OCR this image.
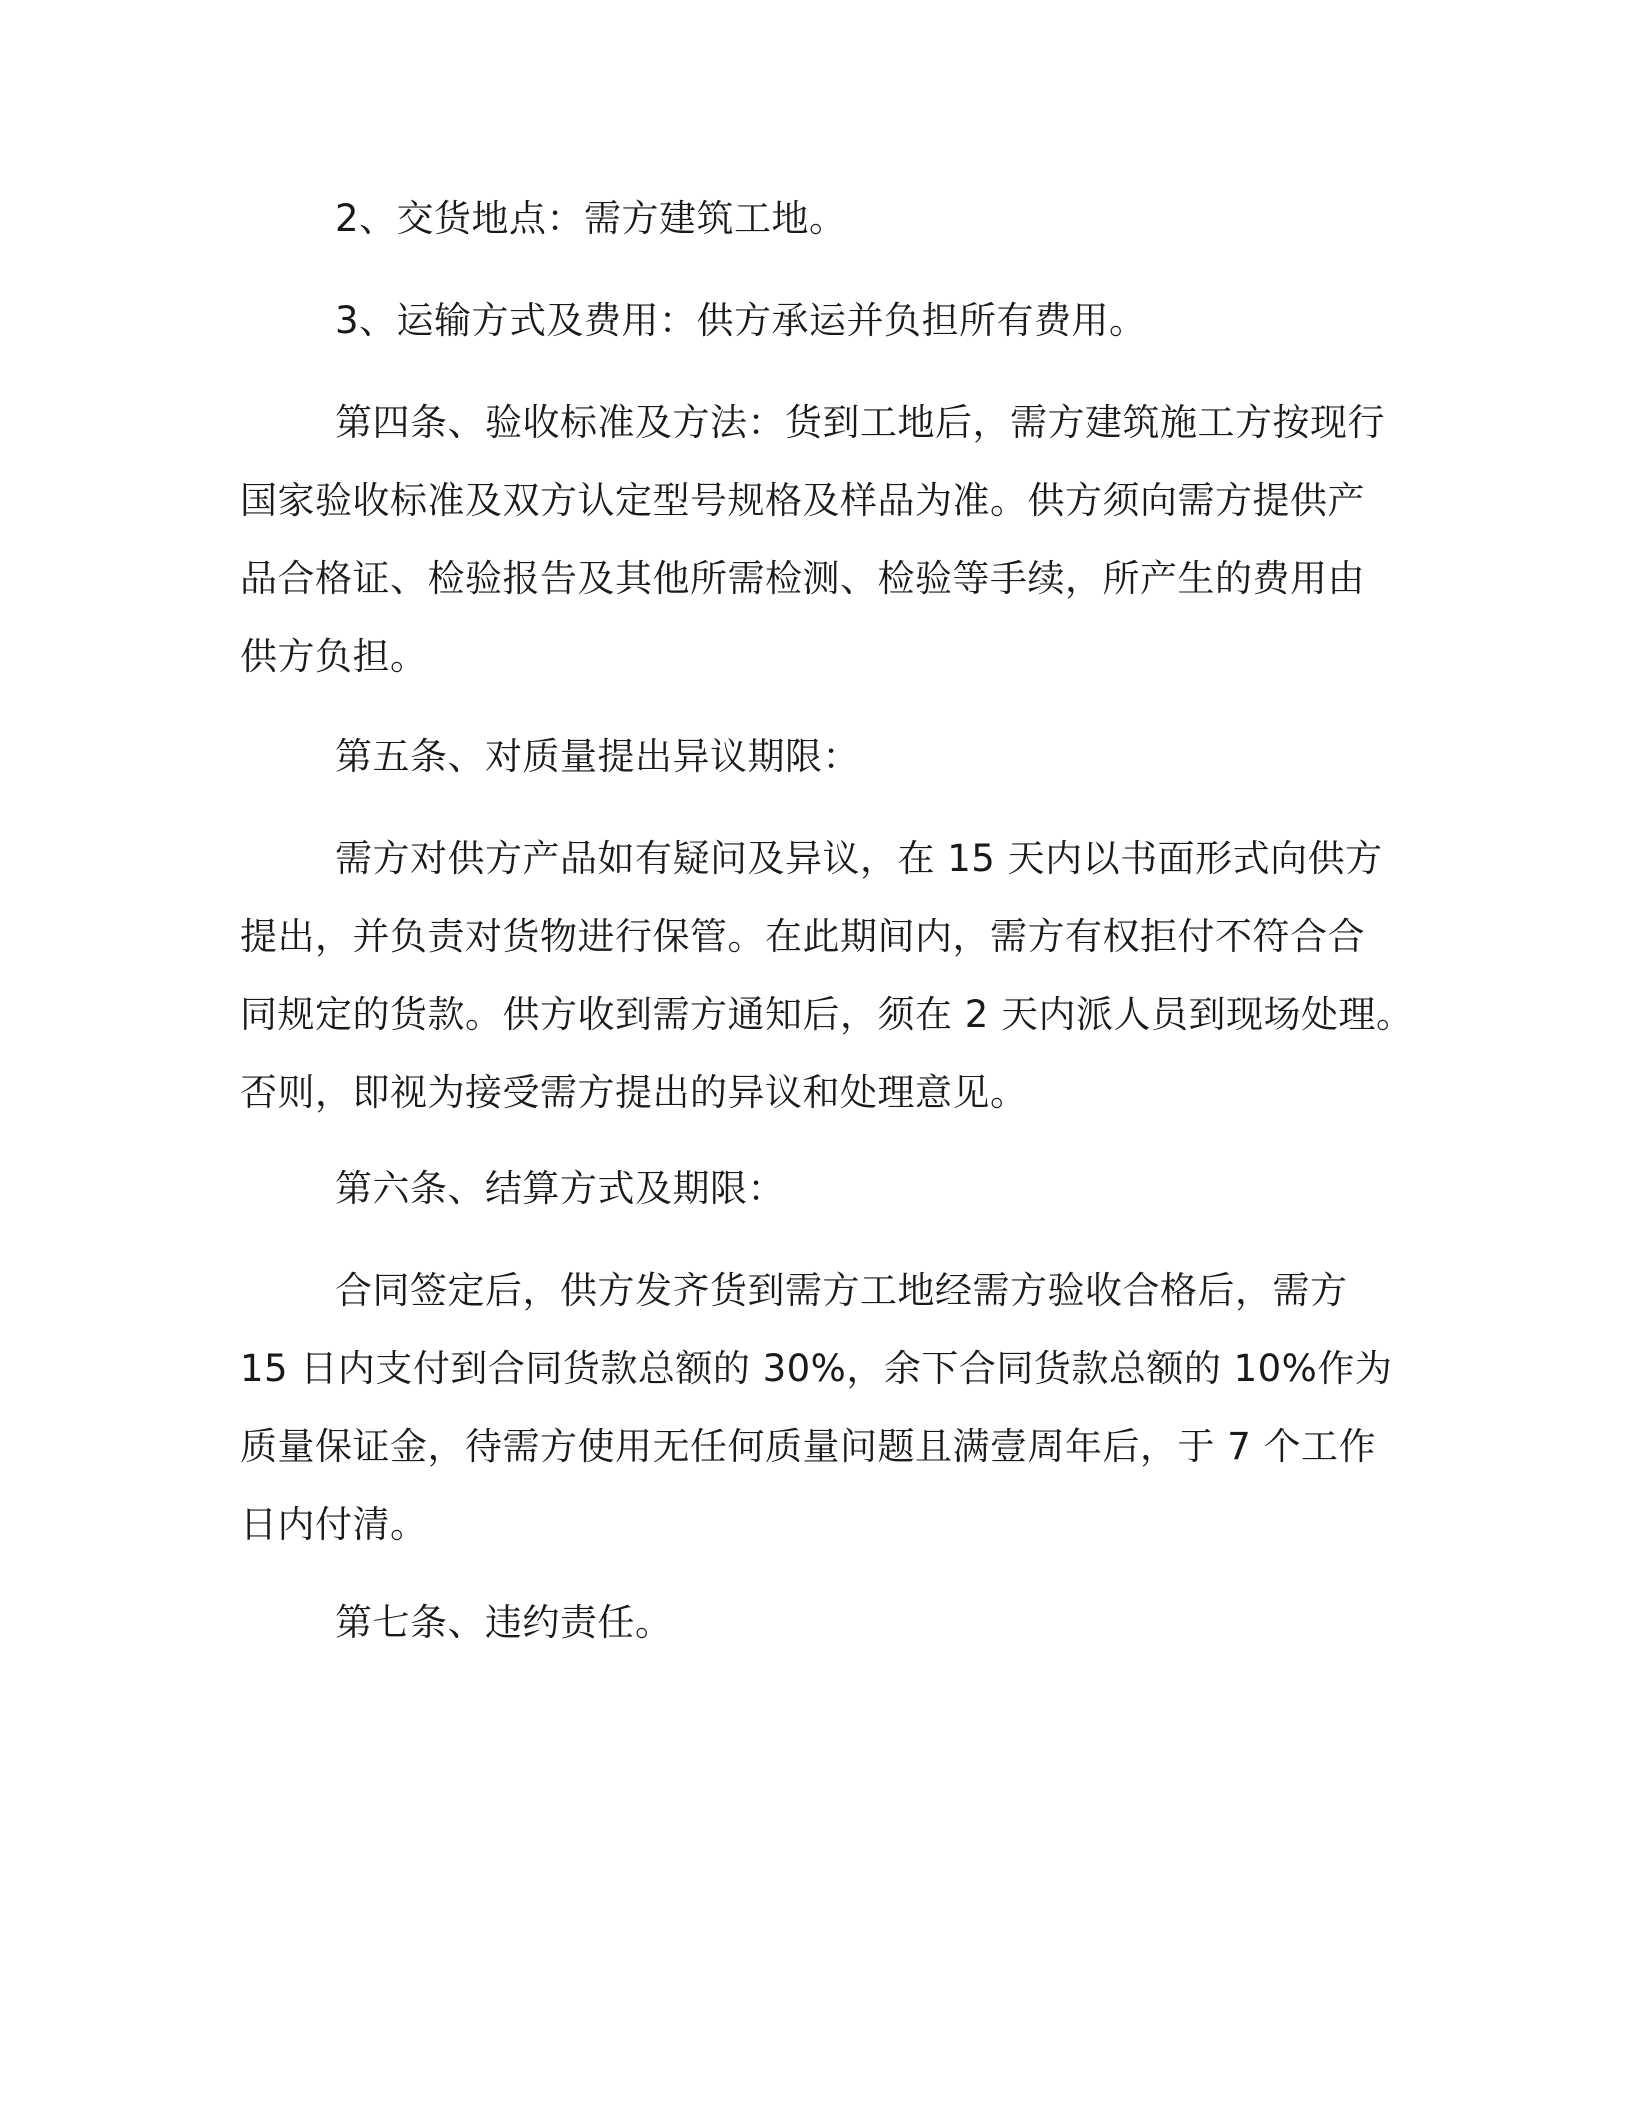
2、交货地点：需方建筑工地。
3、运输方式及费用：供方承运并负担所有费用。
第四条、验收标准及方法：货到工地后，需方建筑施工方按现行
国家验收标准及双方认定型号规格及样品为准。供方须向需方提供产
品合格证、检验报告及其他所需检测、检验等手续，所产生的费用由
供方负担。
第五条、对质量提出异议期限：
需方对供方产品如有疑问及异议，在 15 天内以书面形式向供方
提出，并负责对货物进行保管。在此期间内，需方有权拒付不符合合
同规定的货款。供方收到需方通知后，须在 2 天内派人员到现场处理。
否则，即视为接受需方提出的异议和处理意见。
第六条、结算方式及期限：
合同签定后，供方发齐货到需方工地经需方验收合格后，需方
15 日内支付到合同货款总额的 30%，余下合同货款总额的 10%作为
质量保证金，待需方使用无任何质量问题且满壹周年后，于 7 个工作
日内付清。
第七条、违约责任。
